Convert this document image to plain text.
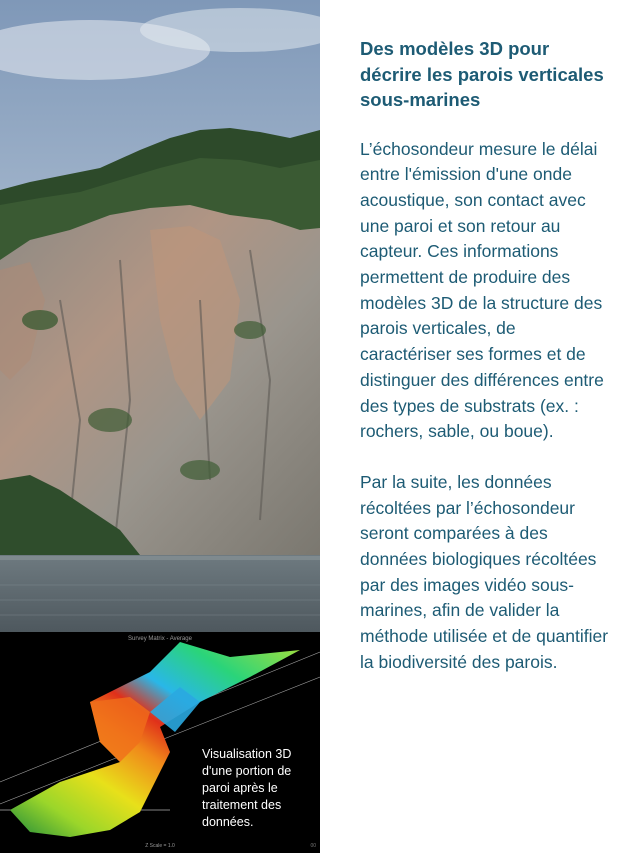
Survey Matrix - Average
Z Scale = 1.0	00
Visualisation 3D d'une portion de paroi après le traitement des données.
Des modèles 3D pour décrire les parois verticales sous-marines

L’échosondeur mesure le délai entre l'émission d'une onde acoustique, son contact avec une paroi et son retour au capteur. Ces informations permettent de produire des modèles 3D de la structure des parois verticales, de caractériser ses formes et de distinguer des différences entre des types de substrats (ex. : rochers, sable, ou boue).

Par la suite, les données récoltées par l’échosondeur seront comparées à des données biologiques récoltées par des images vidéo sous-marines, afin de valider la méthode utilisée et de quantifier la biodiversité des parois.
